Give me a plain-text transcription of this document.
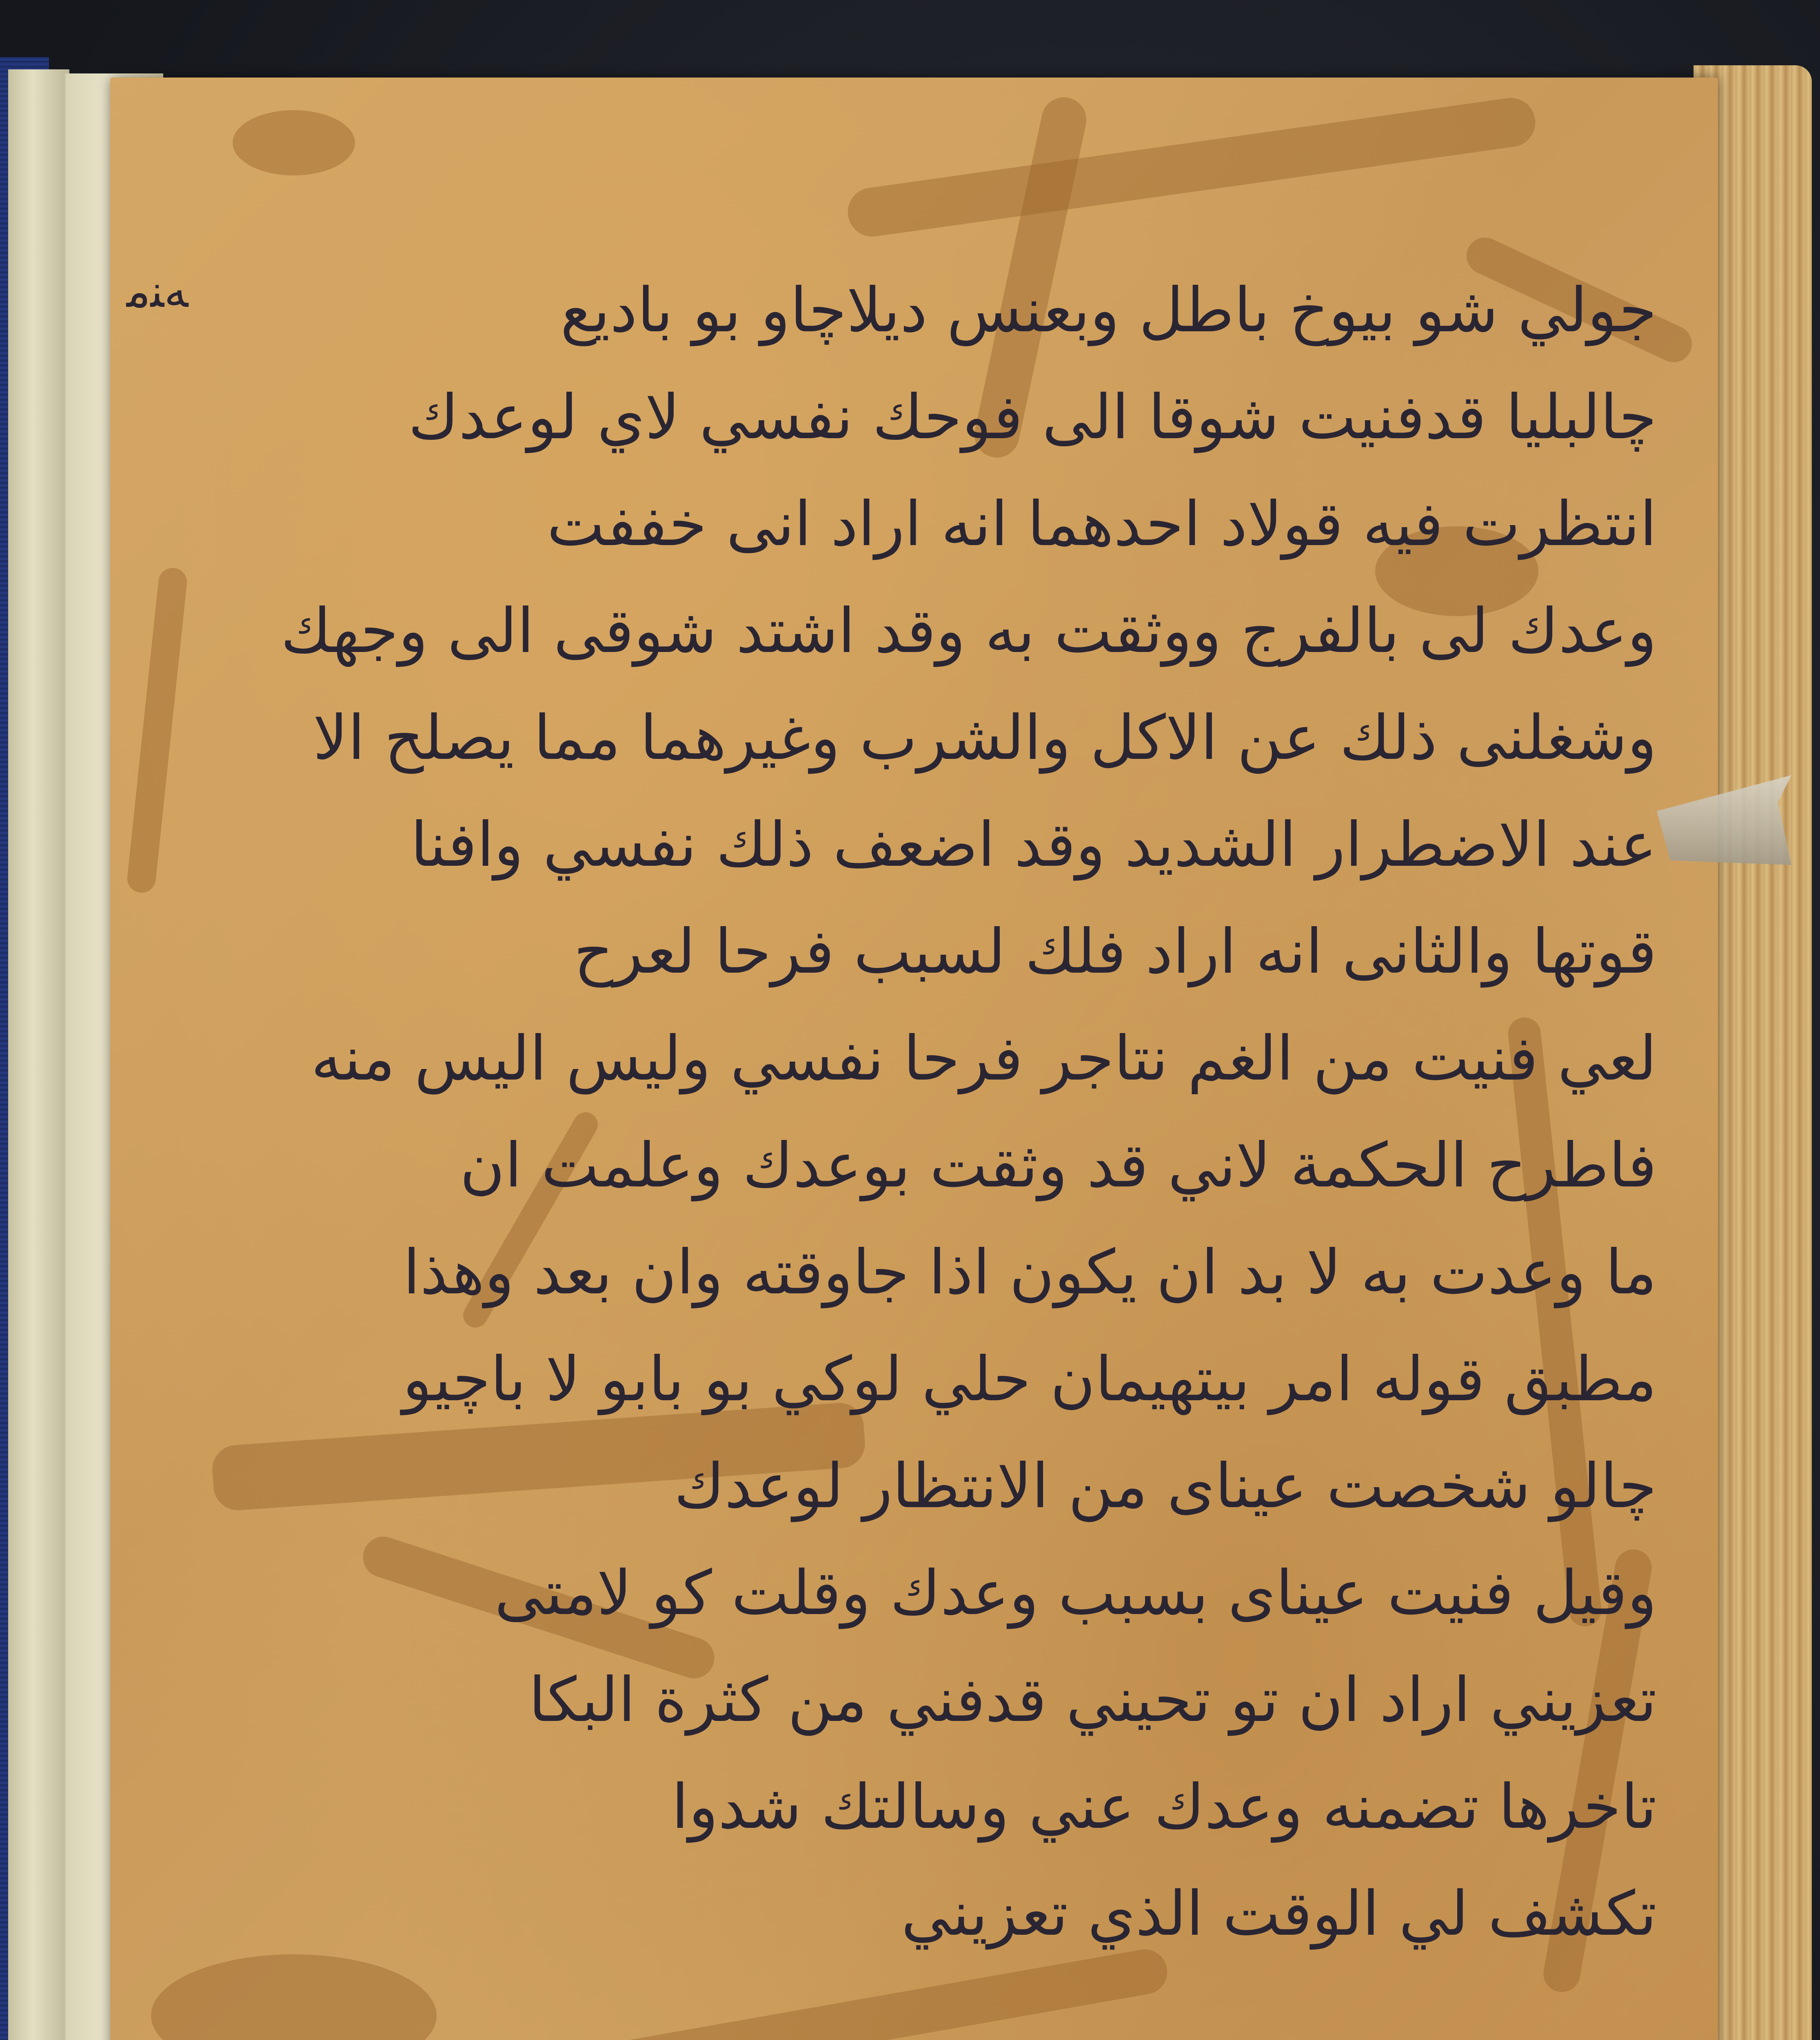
ﻪﻨﻣ	جولي شو بيوخ باطل وبعنس ديلاچاو بو باديع
چالبليا قدفنيت شوقا الى فوحك نفسي لاي لوعدك
انتظرت فيه قولاد احدهما انه اراد انى خففت
وعدك لى بالفرج ووثقت به وقد اشتد شوقى الى وجهك
وشغلنى ذلك عن الاكل والشرب وغيرهما مما يصلح الا
عند الاضطرار الشديد وقد اضعف ذلك نفسي وافنا
قوتها والثانى انه اراد فلك لسبب فرحا لعرح
لعي فنيت من الغم نتاجر فرحا نفسي وليس اليس منه
فاطرح الحكمة لاني قد وثقت بوعدك وعلمت ان
ما وعدت به لا بد ان يكون اذا جاوقته وان بعد وهذا
مطبق قوله امر بيتهيمان حلي لوكي بو بابو لا باچيو
چالو شخصت عيناى من الانتظار لوعدك
وقيل فنيت عيناى بسبب وعدك وقلت كو لامتى
تعزيني اراد ان تو تحيني قدفني من كثرة البكا
تاخرها تضمنه وعدك عني وسالتك شدوا
تكشف لي الوقت الذي تعزيني
